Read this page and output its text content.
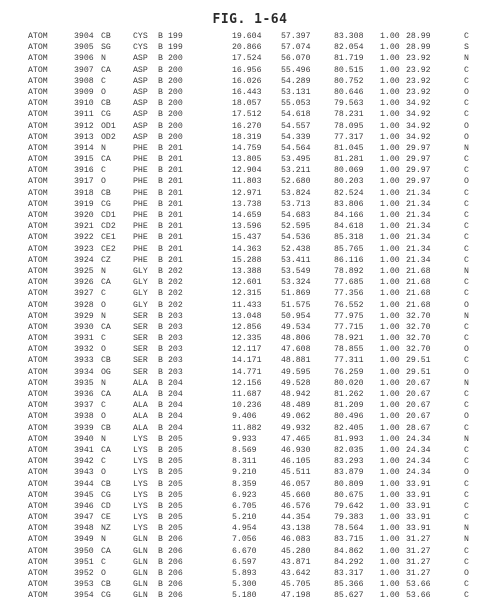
FIG. 1-64
ATOM	3904 CB	CYS B 199	19.604 57.397	83.308 1.00 28.99	C
ATOM	3905 SG	CYS B 199	20.866 57.074	82.054 1.00 28.99	S
ATOM	3906 N	ASP B 200	17.524 56.070	81.719 1.00 23.92	N
ATOM	3907 CA	ASP B 200	16.956 55.496	80.515 1.00 23.92	C
ATOM	3908 C	ASP B 200	16.026 54.289	80.752 1.00 23.92	C
ATOM	3909 O	ASP B 200	16.443 53.131	80.646 1.00 23.92	O
ATOM	3910 CB	ASP B 200	18.057 55.053	79.563 1.00 34.92	C
ATOM	3911 CG	ASP B 200	17.512 54.618	78.231 1.00 34.92	C
ATOM	3912 OD1 ASP B 200	16.270 54.557	78.095 1.00 34.92	O
ATOM	3913 OD2 ASP B 200	18.319 54.339	77.317 1.00 34.92	O
ATOM	3914 N	PHE B 201	14.759 54.564	81.045 1.00 29.97	N
ATOM	3915 CA	PHE B 201	13.805 53.495	81.281 1.00 29.97	C
ATOM	3916 C	PHE B 201	12.904 53.211	80.069 1.00 29.97	C
ATOM	3917 O	PHE B 201	11.803 52.680	80.203 1.00 29.97	O
ATOM	3918 CB	PHE B 201	12.971 53.824	82.524 1.00 21.34	C
ATOM	3919 CG	PHE B 201	13.738 53.713	83.806 1.00 21.34	C
ATOM	3920 CD1 PHE B 201	14.659 54.683	84.166 1.00 21.34	C
ATOM	3921 CD2 PHE B 201	13.596 52.595	84.618 1.00 21.34	C
ATOM	3922 CE1 PHE B 201	15.437 54.536	85.318 1.00 21.34	C
ATOM	3923 CE2 PHE B 201	14.363 52.438	85.765 1.00 21.34	C
ATOM	3924 CZ	PHE B 201	15.288 53.411	86.116 1.00 21.34	C
ATOM	3925 N	GLY B 202	13.388 53.549	78.892 1.00 21.68	N
ATOM	3926 CA	GLY B 202	12.601 53.324	77.685 1.00 21.68	C
ATOM	3927 C	GLY B 202	12.315 51.869	77.356 1.00 21.68	C
ATOM	3928 O	GLY B 202	11.433 51.575	76.552 1.00 21.68	O
ATOM	3929 N	SER B 203	13.048 50.954	77.975 1.00 32.70	N
ATOM	3930 CA	SER B 203	12.856 49.534	77.715 1.00 32.70	C
ATOM	3931 C	SER B 203	12.335 48.806	78.921 1.00 32.70	C
ATOM	3932 O	SER B 203	12.117 47.608	78.855 1.00 32.70	O
ATOM	3933 CB	SER B 203	14.171 48.881	77.311 1.00 29.51	C
ATOM	3934 OG	SER B 203	14.771 49.595	76.259 1.00 29.51	O
ATOM	3935 N	ALA B 204	12.156 49.528	80.020 1.00 20.67	N
ATOM	3936 CA	ALA B 204	11.687 48.942	81.262 1.00 20.67	C
ATOM	3937 C	ALA B 204	10.236 48.489	81.209 1.00 20.67	C
ATOM	3938 O	ALA B 204	9.406	49.062	80.496 1.00 20.67	O
ATOM	3939 CB	ALA B 204	11.882 49.932	82.405 1.00 28.67	C
ATOM	3940 N	LYS B 205	9.933	47.465	81.993 1.00 24.34	N
ATOM	3941 CA	LYS B 205	8.569	46.930	82.035 1.00 24.34	C
ATOM	3942 C	LYS B 205	8.311	46.105	83.293 1.00 24.34	C
ATOM	3943 O	LYS B 205	9.210	45.511	83.879 1.00 24.34	O
ATOM	3944 CB	LYS B 205	8.359	46.057	80.809 1.00 33.91	C
ATOM	3945 CG	LYS B 205	6.923	45.660	80.675 1.00 33.91	C
ATOM	3946 CD	LYS B 205	6.705	46.576	79.642 1.00 33.91	C
ATOM	3947 CE	LYS B 205	5.210	44.354	79.383 1.00 33.91	C
ATOM	3948 NZ	LYS B 205	4.954	43.138	78.564 1.00 33.91	N
ATOM	3949 N	GLN B 206	7.056	46.083	83.715 1.00 31.27	N
ATOM	3950 CA	GLN B 206	6.670	45.280	84.862 1.00 31.27	C
ATOM	3951 C	GLN B 206	6.597	43.871	84.292 1.00 31.27	C
ATOM	3952 O	GLN B 206	5.893	43.642	83.317 1.00 31.27	O
ATOM	3953 CB	GLN B 206	5.300	45.705	85.366 1.00 53.66	C
ATOM	3954 CG	GLN B 206	5.180	47.198	85.627 1.00 53.66	C
